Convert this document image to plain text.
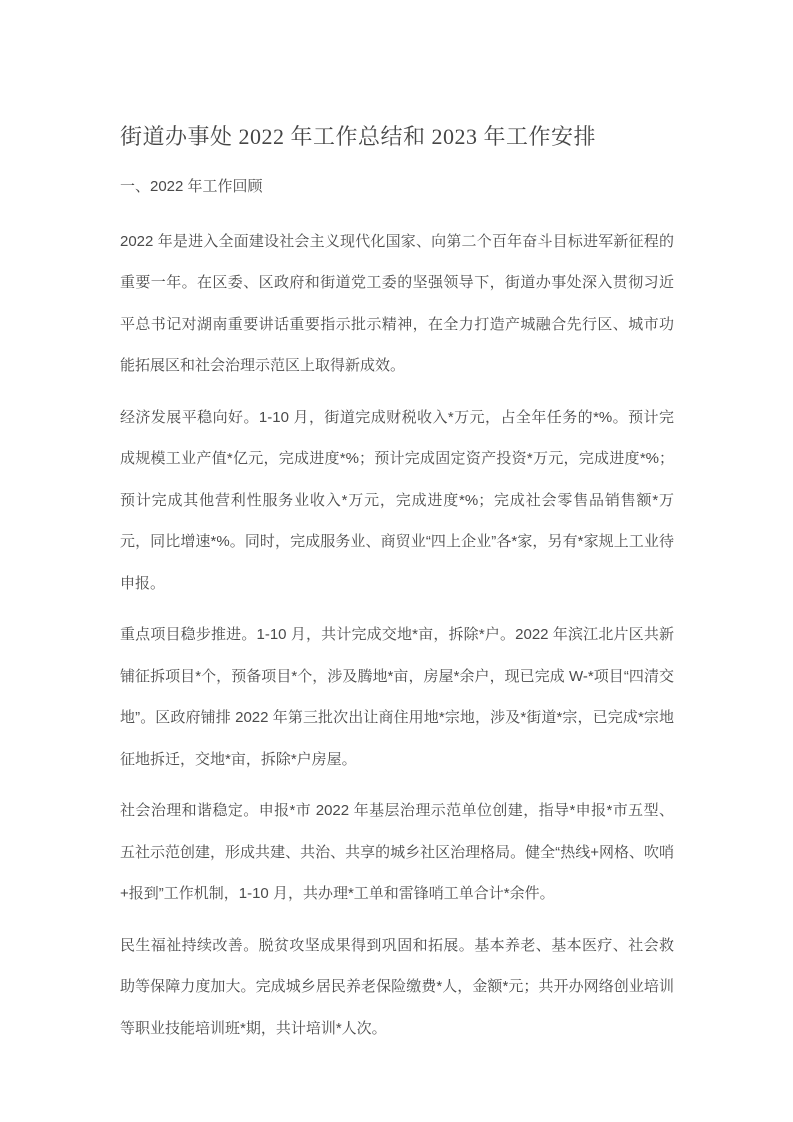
街道办事处 2022 年工作总结和 2023 年工作安排
一、2022 年工作回顾

2022 年是进入全面建设社会主义现代化国家、向第二个百年奋斗目标进军新征程的重要一年。在区委、区政府和街道党工委的坚强领导下，街道办事处深入贯彻习近平总书记对湖南重要讲话重要指示批示精神，在全力打造产城融合先行区、城市功能拓展区和社会治理示范区上取得新成效。

经济发展平稳向好。1-10 月，街道完成财税收入*万元，占全年任务的*%。预计完成规模工业产值*亿元，完成进度*%；预计完成固定资产投资*万元，完成进度*%；预计完成其他营利性服务业收入*万元，完成进度*%；完成社会零售品销售额*万元，同比增速*%。同时，完成服务业、商贸业“四上企业”各*家，另有*家规上工业待申报。

重点项目稳步推进。1-10 月，共计完成交地*亩，拆除*户。2022 年滨江北片区共新铺征拆项目*个，预备项目*个，涉及腾地*亩，房屋*余户，现已完成 W-*项目“四清交地”。区政府铺排 2022 年第三批次出让商住用地*宗地，涉及*街道*宗，已完成*宗地征地拆迁，交地*亩，拆除*户房屋。

社会治理和谐稳定。申报*市 2022 年基层治理示范单位创建，指导*申报*市五型、五社示范创建，形成共建、共治、共享的城乡社区治理格局。健全“热线+网格、吹哨+报到”工作机制，1-10 月，共办理*工单和雷锋哨工单合计*余件。

民生福祉持续改善。脱贫攻坚成果得到巩固和拓展。基本养老、基本医疗、社会救助等保障力度加大。完成城乡居民养老保险缴费*人，金额*元；共开办网络创业培训等职业技能培训班*期，共计培训*人次。
